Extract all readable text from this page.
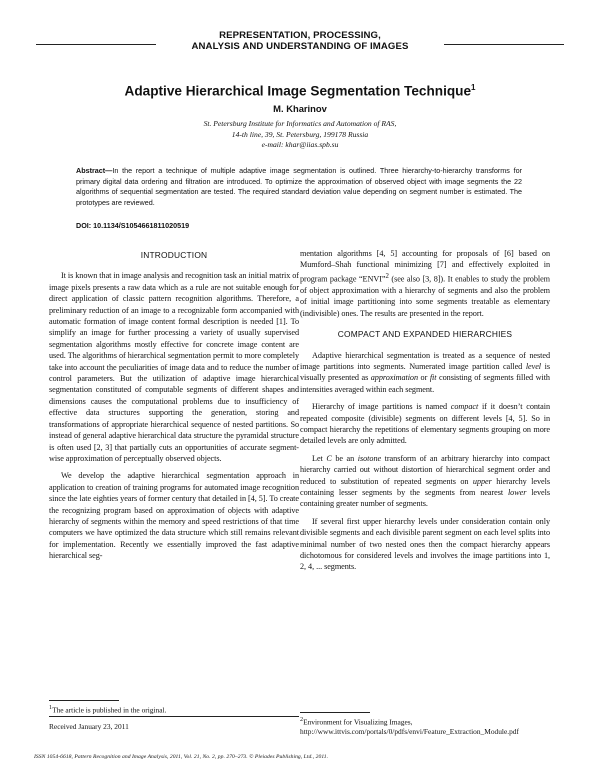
REPRESENTATION, PROCESSING,
ANALYSIS AND UNDERSTANDING OF IMAGES
Adaptive Hierarchical Image Segmentation Technique$^1$
M. Kharinov
St. Petersburg Institute for Informatics and Automation of RAS,
14-th line, 39, St. Petersburg, 199178 Russia
e-mail: khar@iias.spb.su
Abstract—In the report a technique of multiple adaptive image segmentation is outlined. Three hierarchy-to-hierarchy transforms for primary digital data ordering and filtration are introduced. To optimize the approximation of observed object with image segments the 22 algorithms of sequential segmentation are tested. The required standard deviation value depending on segment number is estimated. The prototypes are reviewed.
DOI: 10.1134/S1054661811020519
INTRODUCTION

It is known that in image analysis and recognition task an initial matrix of image pixels presents a raw data which as a rule are not suitable enough for direct application of classic pattern recognition algorithms. Therefore, a preliminary reduction of an image to a recognizable form accompanied with automatic formation of image content formal description is needed [1]. To simplify an image for further processing a variety of usually supervised segmentation algorithms mostly effective for concrete image content are used. The algorithms of hierarchical segmentation permit to more completely take into account the peculiarities of image data and to reduce the number of control parameters. But the utilization of adaptive image hierarchical segmentation constituted of computable segments of different shapes and dimensions causes the computational problems due to insufficiency of effective data structures supporting the generation, storing and transformations of appropriate hierarchical sequence of nested partitions. So instead of general adaptive hierarchical data structure the pyramidal structure is often used [2, 3] that partially cuts an opportunities of accurate segment-wise approximation of perceptually observed objects.

We develop the adaptive hierarchical segmentation approach in application to creation of training programs for automated image recognition since the late eighties years of former century that detailed in [4, 5]. To create the recognizing program based on approximation of objects with adaptive hierarchy of segments within the memory and speed restrictions of that time computers we have optimized the data structure which still remains relevant for implementation. Recently we essentially improved the fast adaptive hierarchical seg-

$^1$The article is published in the original.
Received January 23, 2011

mentation algorithms [4, 5] accounting for proposals of [6] based on Mumford–Shah functional minimizing [7] and effectively exploited in program package “ENVI”$^2$ (see also [3, 8]). It enables to study the problem of object approximation with a hierarchy of segments and also the problem of initial image partitioning into some segments treatable as elementary (indivisible) ones. The results are presented in the report.

COMPACT AND EXPANDED HIERARCHIES

Adaptive hierarchical segmentation is treated as a sequence of nested image partitions into segments. Numerated image partition called level is visually presented as approximation or fit consisting of segments filled with intensities averaged within each segment.

Hierarchy of image partitions is named compact if it doesn’t contain repeated composite (divisible) segments on different levels [4, 5]. So in compact hierarchy the repetitions of elementary segments grouping on more detailed levels are only admitted.

Let C be an isotone transform of an arbitrary hierarchy into compact hierarchy carried out without distortion of hierarchical segment order and reduced to substitution of repeated segments on upper hierarchy levels containing lesser segments by the segments from nearest lower levels containing greater number of segments.

If several first upper hierarchy levels under consideration contain only divisible segments and each divisible parent segment on each level splits into minimal number of two nested ones then the compact hierarchy appears dichotomous for considered levels and involves the image partitions into 1, 2, 4, ... segments.

$^2$Environment for Visualizing Images, http://www.ittvis.com/portals/0/pdfs/envi/Feature_Extraction_Module.pdf
ISSN 1054-6618, Pattern Recognition and Image Analysis, 2011, Vol. 21, No. 2, pp. 270–273. © Pleiades Publishing, Ltd., 2011.
